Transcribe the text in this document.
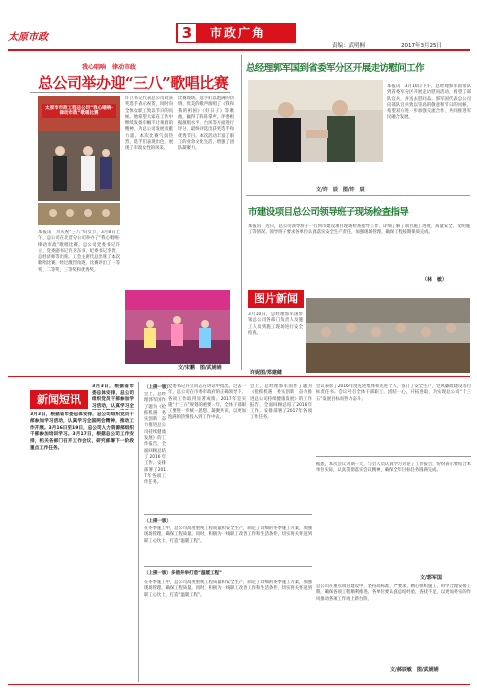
太原市政	3	市政广角
责编：武明桐	2017年3月25日
我心唱响　律动市政
总公司举办迎“三八”歌唱比赛
太原市市政工程总公司“我心唱响·律动市政”歌唱比赛
本报讯　为庆祝“三八”妇女节，3月8日上午，总公司在北营分公司举办了“我心唱响·律动市政”歌唱比赛。总公司党委书记许立、党委副书记许卫东书、纪委书记李贵、总经济师等出席。工会主席代总出席了本次歌唱比赛。经过激烈角逐，比赛评出了一等奖、二等奖、三等奖和优秀奖。
许立书记代表总公司对获奖选手表示祝贺，同时向全体女职工致以节日的问候。他希望大家在工作中继续发扬巾帼不让须眉的精神，为总公司发展贡献力量。本次比赛气氛热烈，选手们表现出色，展现了市政女性的风采。
比赛现场，选手们以饱满的热情、优美的歌声演唱了《我和我的祖国》《好日子》等歌曲，赢得了阵阵掌声。评委根据演唱水平、台风等方面进行评分，最终评选出获奖选手和优秀节目。本次活动丰富了职工的业余文化生活，增强了团队凝聚力。
文/宋鹏　图/武娟娟
总经理郭军国到省委军分区开展走访慰问工作
本报讯　3月10日下午，总经理郭军国带队到省委军分区开展走访慰问活动，看望了部队官兵，并送去慰问品。郭军国代表总公司向部队官兵致以崇高的敬意和节日的问候，希望双方进一步加强交流合作，共同推进军民融合发展。
文/许　辰　图/许　辰
市建设项目总公司领导班子现场检查指导
本报讯　近日，总公司领导班子一行到市建设项目现场检查指导工作，详细了解了项目施工进度、质量安全、文明施工等情况。领导班子要求各单位认真落实安全生产责任，加强现场管理，确保工程按期保质完成。
（林　敏）
图片新闻
3月10日，总经理郭军国带领总公司各部门负责人及施工人员到施工现场进行安全检查。
许妮图/郑建健
新闻短讯
3月3日，根据省市委总体安排，总公司组织党员干部参加学习活动，认真学习全国两会精神，推动工作开展。3月16日至19日，总公司人力资源部组织干部参加培训学习。3月17日，根据总公司工作安排，机关各部门召开工作会议，研究部署下一阶段重点工作任务。
3月3日，根据省市委总体安排，总公司组织党员干部参加学习活动，认真学习全
（上接一版）
党委书记许立同志在讲话中指出，过去一年，总公司在市委市政府的正确领导下，各项工作取得显著成绩。2017年是实施“十三五”规划的重要一年，全体干部职工要进一步统一思想、凝聚共识，以更加饱满的热情投入到工作中去。
会上，总经理郭军国作了题为《抢抓机遇　务实创新　奋力推进总公司持续健康发展》的工作报告，全面回顾总结了2016年工作，安排部署了2017年各项工作任务。
会上，总经理郭军国作了题为《抢抓机遇　务实创新　奋力推进总公司持续健康发展》的工作报告，全面回顾总结了2016年工作，安排部署了2017年各项工作任务。
会议表彰了2016年度先进集体和先进个人，签订了安全生产、党风廉政建设等目标责任书。会议号召全体干部职工，团结一心，开拓进取，为实现总公司“十三五”发展目标而努力奋斗。
据悉，本次会议为期一天，与会人员认真学习讨论了工作报告，纷纷表示要结合本单位实际，认真贯彻落实会议精神，确保全年目标任务圆满完成。
文/郭军国
（上接一版）
在冬季施工中，总公司高度重视工程质量和安全生产，制定了详细的冬季施工方案，加强现场管理，确保工程质量。同时，积极为一线职工改善工作和生活条件，切实将关怀送到职工心坎上，打造“温暖工程”。
（上接一版）多措并举打造“温暖工程”
在冬季施工中，总公司高度重视工程质量和安全生产，制定了详细的冬季施工方案，加强现场管理，确保工程质量。同时，积极为一线职工改善工作和生活条件，切实将关怀送到职工心坎上，打造“温暖工程”。
总公司在重点项目建设中，坚持高标准、严要求，精心组织施工，科学合理安排工期，确保各项工程顺利推进。各单位要认真总结经验，查找不足，以更加务实的作风推动各项工作再上新台阶。
文/郝辰敏　图/武娟娟
